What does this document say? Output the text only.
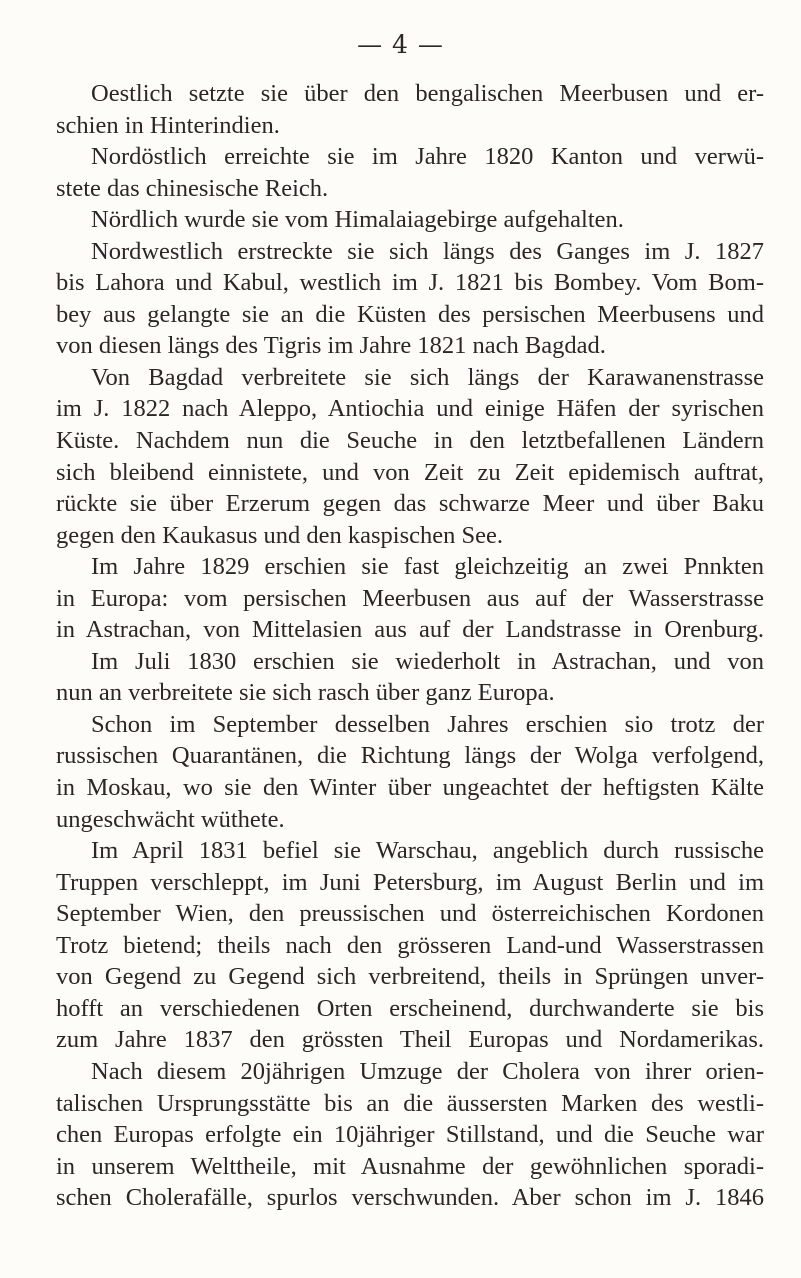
— 4 —
Oestlich setzte sie über den bengalischen Meerbusen und er-
schien in Hinterindien.
Nordöstlich erreichte sie im Jahre 1820 Kanton und verwü-
stete das chinesische Reich.
Nördlich wurde sie vom Himalaiagebirge aufgehalten.
Nordwestlich erstreckte sie sich längs des Ganges im J. 1827
bis Lahora und Kabul, westlich im J. 1821 bis Bombey. Vom Bom-
bey aus gelangte sie an die Küsten des persischen Meerbusens und
von diesen längs des Tigris im Jahre 1821 nach Bagdad.
Von Bagdad verbreitete sie sich längs der Karawanenstrasse
im J. 1822 nach Aleppo, Antiochia und einige Häfen der syrischen
Küste. Nachdem nun die Seuche in den letztbefallenen Ländern
sich bleibend einnistete, und von Zeit zu Zeit epidemisch auftrat,
rückte sie über Erzerum gegen das schwarze Meer und über Baku
gegen den Kaukasus und den kaspischen See.
Im Jahre 1829 erschien sie fast gleichzeitig an zwei Pnnkten
in Europa: vom persischen Meerbusen aus auf der Wasserstrasse
in Astrachan, von Mittelasien aus auf der Landstrasse in Orenburg.
Im Juli 1830 erschien sie wiederholt in Astrachan, und von
nun an verbreitete sie sich rasch über ganz Europa.
Schon im September desselben Jahres erschien sio trotz der
russischen Quarantänen, die Richtung längs der Wolga verfolgend,
in Moskau, wo sie den Winter über ungeachtet der heftigsten Kälte
ungeschwächt wüthete.
Im April 1831 befiel sie Warschau, angeblich durch russische
Truppen verschleppt, im Juni Petersburg, im August Berlin und im
September Wien, den preussischen und österreichischen Kordonen
Trotz bietend; theils nach den grösseren Land-und Wasserstrassen
von Gegend zu Gegend sich verbreitend, theils in Sprüngen unver-
hofft an verschiedenen Orten erscheinend, durchwanderte sie bis
zum Jahre 1837 den grössten Theil Europas und Nordamerikas.
Nach diesem 20jährigen Umzuge der Cholera von ihrer orien-
talischen Ursprungsstätte bis an die äussersten Marken des westli-
chen Europas erfolgte ein 10jähriger Stillstand, und die Seuche war
in unserem Welttheile, mit Ausnahme der gewöhnlichen sporadi-
schen Cholerafälle, spurlos verschwunden. Aber schon im J. 1846
